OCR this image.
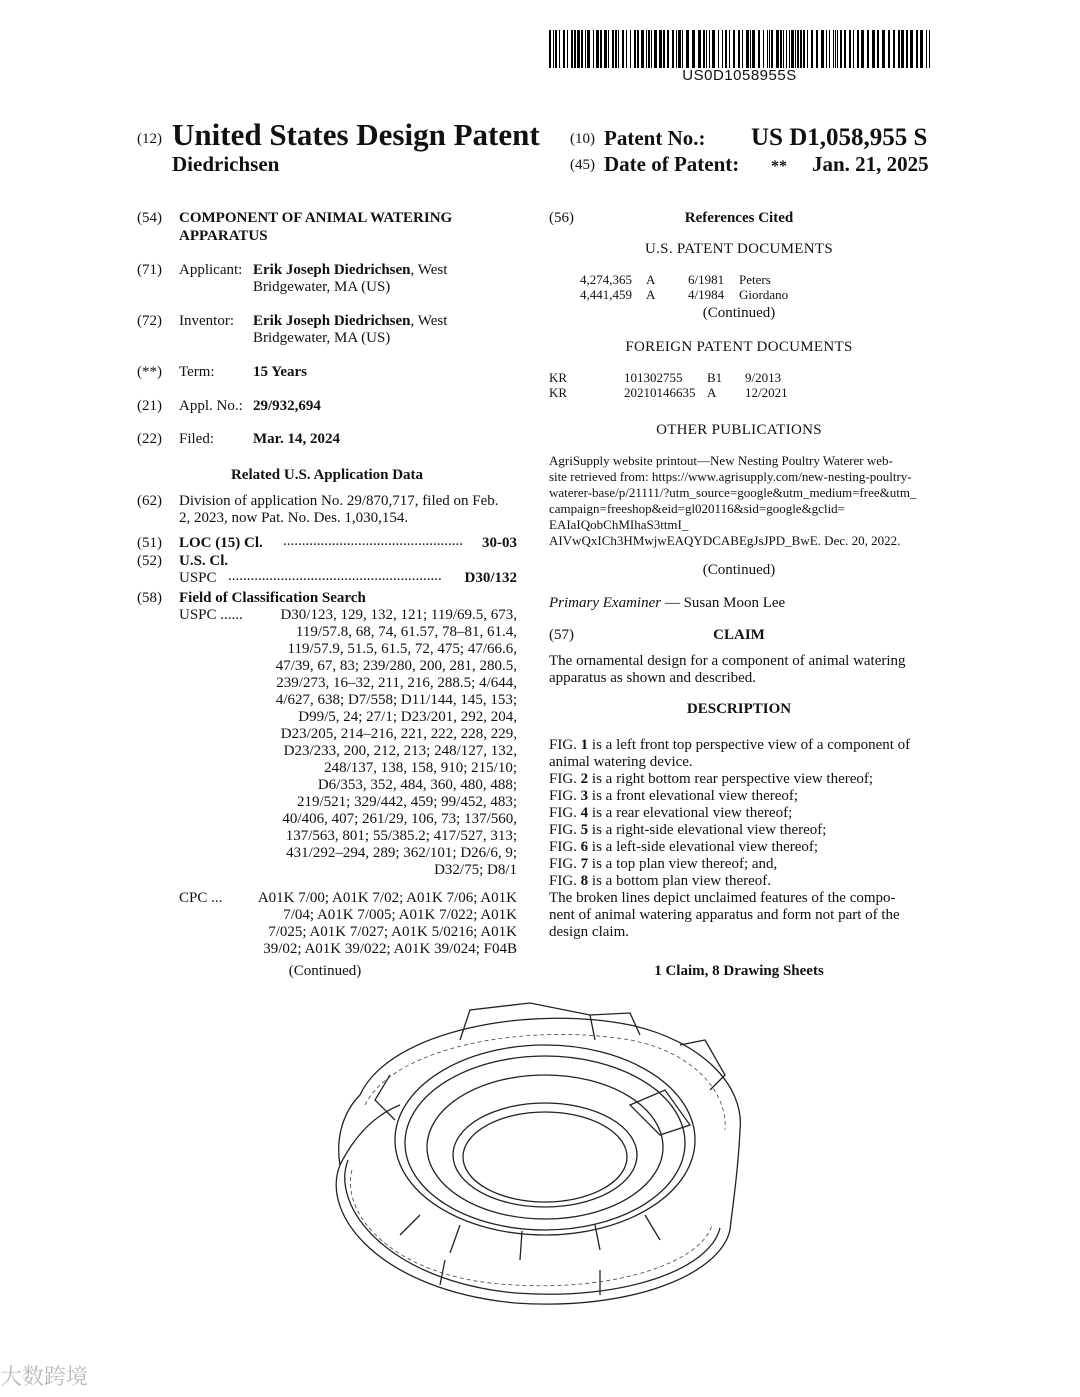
US0D1058955S
(12) United States Design Patent
Diedrichsen
(10) Patent No.: US D1,058,955 S
(45) Date of Patent: ** Jan. 21, 2025
(54) COMPONENT OF ANIMAL WATERING
APPARATUS
(71) Applicant: Erik Joseph Diedrichsen, West
Bridgewater, MA (US)
(72) Inventor: Erik Joseph Diedrichsen, West
Bridgewater, MA (US)
(**) Term:	15 Years
(21) Appl. No.: 29/932,694
(22) Filed:	Mar. 14, 2024
Related U.S. Application Data
(62) Division of application No. 29/870,717, filed on Feb.
2, 2023, now Pat. No. Des. 1,030,154.
(51) LOC (15) Cl. ................................................	30-03
(52) U.S. Cl.
USPC .........................................................	D30/132
(58) Field of Classification Search
USPC ......	D30/123, 129, 132, 121; 119/69.5, 673,
119/57.8, 68, 74, 61.57, 78–81, 61.4,
119/57.9, 51.5, 61.5, 72, 475; 47/66.6,
47/39, 67, 83; 239/280, 200, 281, 280.5,
239/273, 16–32, 211, 216, 288.5; 4/644,
4/627, 638; D7/558; D11/144, 145, 153;
D99/5, 24; 27/1; D23/201, 292, 204,
D23/205, 214–216, 221, 222, 228, 229,
D23/233, 200, 212, 213; 248/127, 132,
248/137, 138, 158, 910; 215/10;
D6/353, 352, 484, 360, 480, 488;
219/521; 329/442, 459; 99/452, 483;
40/406, 407; 261/29, 106, 73; 137/560,
137/563, 801; 55/385.2; 417/527, 313;
431/292–294, 289; 362/101; D26/6, 9;
D32/75; D8/1
CPC ...	A01K 7/00; A01K 7/02; A01K 7/06; A01K
7/04; A01K 7/005; A01K 7/022; A01K
7/025; A01K 7/027; A01K 5/0216; A01K
39/02; A01K 39/022; A01K 39/024; F04B
(Continued)
(56)	References Cited
U.S. PATENT DOCUMENTS
4,274,365 A	6/1981 Peters
4,441,459 A	4/1984 Giordano
(Continued)
FOREIGN PATENT DOCUMENTS
KR	101302755 B1 9/2013
KR	20210146635 A 12/2021
OTHER PUBLICATIONS
AgriSupply website printout—New Nesting Poultry Waterer web-
site retrieved from: https://www.agrisupply.com/new-nesting-poultry-
waterer-base/p/21111/?utm_source=google&utm_medium=free&utm_
campaign=freeshop&eid=gl020116&sid=google&gclid=
EAIaIQobChMIhaS3ttmI_
AIVwQxICh3HMwjwEAQYDCABEgJsJPD_BwE. Dec. 20, 2022.
(Continued)
Primary Examiner — Susan Moon Lee
(57)	CLAIM
The ornamental design for a component of animal watering
apparatus as shown and described.
DESCRIPTION
FIG. 1 is a left front top perspective view of a component of
animal watering device.
FIG. 2 is a right bottom rear perspective view thereof;
FIG. 3 is a front elevational view thereof;
FIG. 4 is a rear elevational view thereof;
FIG. 5 is a right-side elevational view thereof;
FIG. 6 is a left-side elevational view thereof;
FIG. 7 is a top plan view thereof; and,
FIG. 8 is a bottom plan view thereof.
The broken lines depict unclaimed features of the compo-
nent of animal watering apparatus and form not part of the
design claim.
1 Claim, 8 Drawing Sheets
大数跨境
